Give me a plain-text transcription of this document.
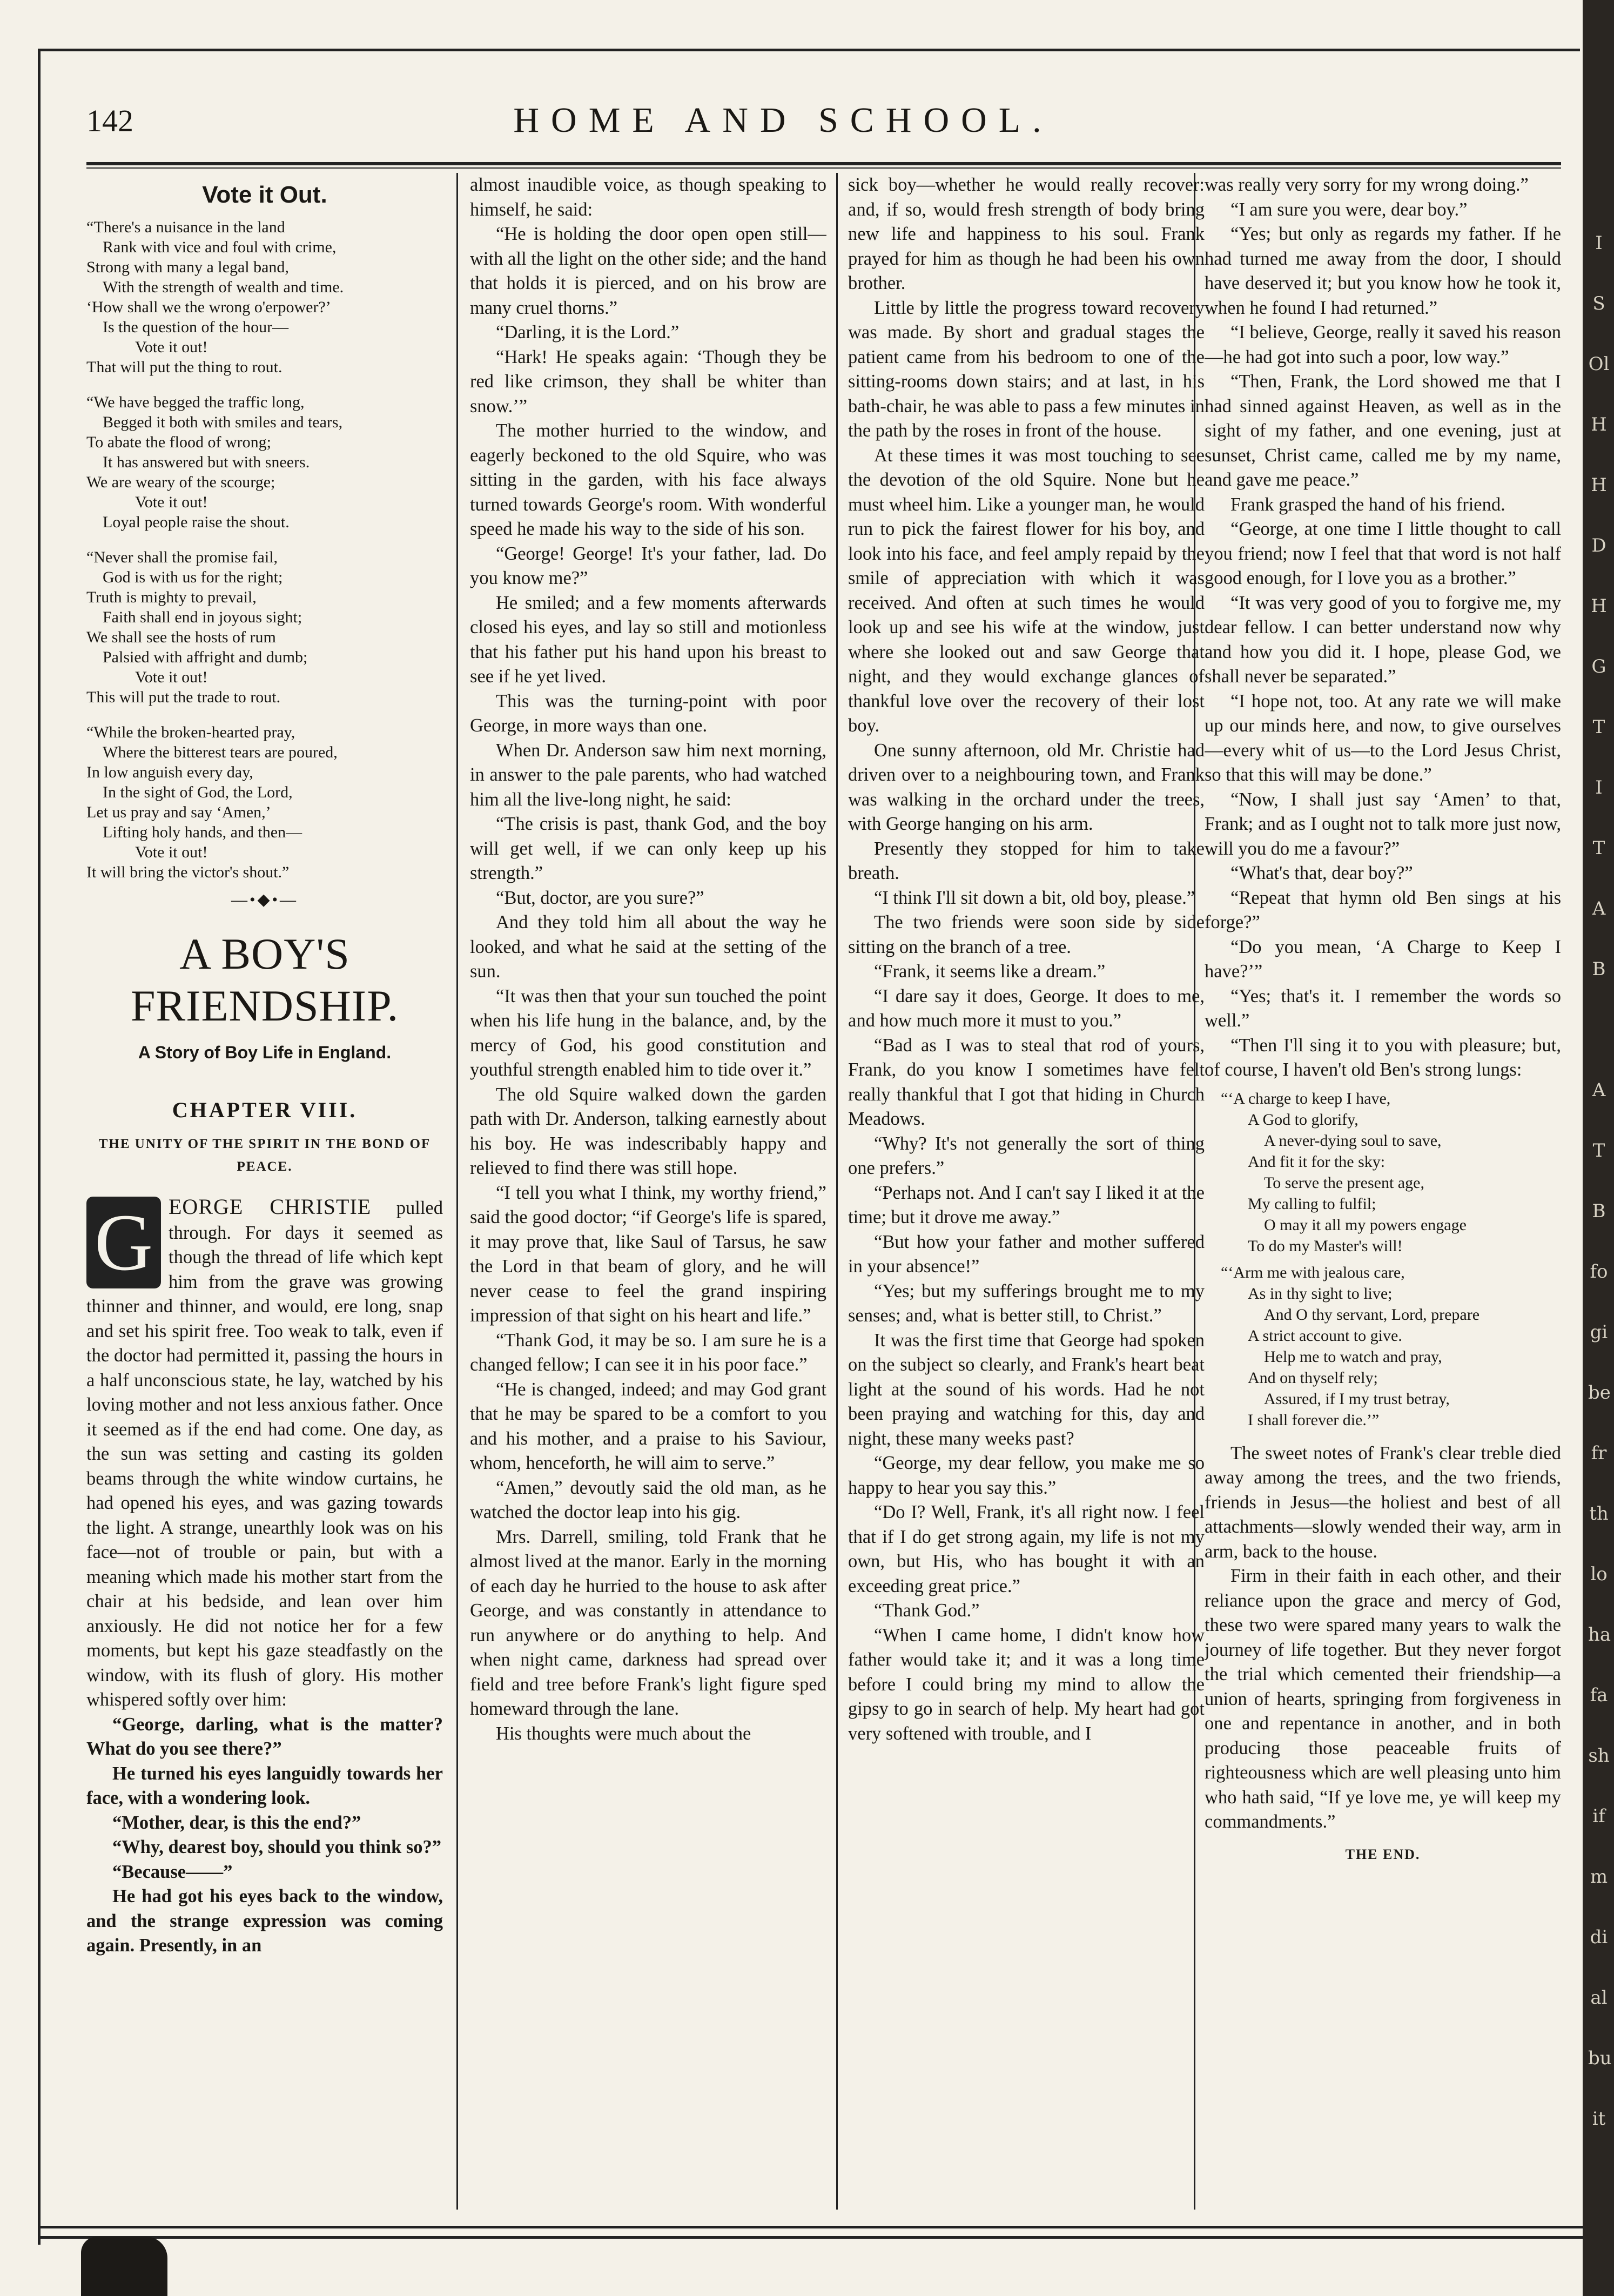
I
S
Ol
H
H
D
H
G
T
I
T
A
B
A
T
B
fo
gi
be
fr
th
lo
ha
fa
sh
if
m
di
al
bu
it
142	HOME AND SCHOOL.
Vote it Out.
“There's a nuisance in the land
Rank with vice and foul with crime,
Strong with many a legal band,
With the strength of wealth and time.
‘How shall we the wrong o'erpower?’
Is the question of the hour—
Vote it out!
That will put the thing to rout.
“We have begged the traffic long,
Begged it both with smiles and tears,
To abate the flood of wrong;
It has answered but with sneers.
We are weary of the scourge;
Vote it out!
Loyal people raise the shout.
“Never shall the promise fail,
God is with us for the right;
Truth is mighty to prevail,
Faith shall end in joyous sight;
We shall see the hosts of rum
Palsied with affright and dumb;
Vote it out!
This will put the trade to rout.
“While the broken-hearted pray,
Where the bitterest tears are poured,
In low anguish every day,
In the sight of God, the Lord,
Let us pray and say ‘Amen,’
Lifting holy hands, and then—
Vote it out!
It will bring the victor's shout.”
—•◆•—
A BOY'S FRIENDSHIP.
A Story of Boy Life in England.
CHAPTER VIII.
THE UNITY OF THE SPIRIT IN THE BOND OF PEACE.

G EORGE CHRISTIE pulled through. For days it seemed as though the thread of life which kept him from the grave was growing thinner and thinner, and would, ere long, snap and set his spirit free. Too weak to talk, even if the doctor had permitted it, passing the hours in a half unconscious state, he lay, watched by his loving mother and not less anxious father. Once it seemed as if the end had come. One day, as the sun was setting and casting its golden beams through the white window curtains, he had opened his eyes, and was gazing towards the light. A strange, unearthly look was on his face—not of trouble or pain, but with a meaning which made his mother start from the chair at his bedside, and lean over him anxiously. He did not notice her for a few moments, but kept his gaze steadfastly on the window, with its flush of glory. His mother whispered softly over him:

“George, darling, what is the matter? What do you see there?”

He turned his eyes languidly towards her face, with a wondering look.

“Mother, dear, is this the end?”

“Why, dearest boy, should you think so?”

“Because——”

He had got his eyes back to the window, and the strange expression was coming again. Presently, in an

almost inaudible voice, as though speaking to himself, he said:

“He is holding the door open open still—with all the light on the other side; and the hand that holds it is pierced, and on his brow are many cruel thorns.”

“Darling, it is the Lord.”

“Hark! He speaks again: ‘Though they be red like crimson, they shall be whiter than snow.’”

The mother hurried to the window, and eagerly beckoned to the old Squire, who was sitting in the garden, with his face always turned towards George's room. With wonderful speed he made his way to the side of his son.

“George! George! It's your father, lad. Do you know me?”

He smiled; and a few moments afterwards closed his eyes, and lay so still and motionless that his father put his hand upon his breast to see if he yet lived.

This was the turning-point with poor George, in more ways than one.

When Dr. Anderson saw him next morning, in answer to the pale parents, who had watched him all the live-long night, he said:

“The crisis is past, thank God, and the boy will get well, if we can only keep up his strength.”

“But, doctor, are you sure?”

And they told him all about the way he looked, and what he said at the setting of the sun.

“It was then that your sun touched the point when his life hung in the balance, and, by the mercy of God, his good constitution and youthful strength enabled him to tide over it.”

The old Squire walked down the garden path with Dr. Anderson, talking earnestly about his boy. He was indescribably happy and relieved to find there was still hope.

“I tell you what I think, my worthy friend,” said the good doctor; “if George's life is spared, it may prove that, like Saul of Tarsus, he saw the Lord in that beam of glory, and he will never cease to feel the grand inspiring impression of that sight on his heart and life.”

“Thank God, it may be so. I am sure he is a changed fellow; I can see it in his poor face.”

“He is changed, indeed; and may God grant that he may be spared to be a comfort to you and his mother, and a praise to his Saviour, whom, henceforth, he will aim to serve.”

“Amen,” devoutly said the old man, as he watched the doctor leap into his gig.

Mrs. Darrell, smiling, told Frank that he almost lived at the manor. Early in the morning of each day he hurried to the house to ask after George, and was constantly in attendance to run anywhere or do anything to help. And when night came, darkness had spread over field and tree before Frank's light figure sped homeward through the lane.

His thoughts were much about the

sick boy—whether he would really recover: and, if so, would fresh strength of body bring new life and happiness to his soul. Frank prayed for him as though he had been his own brother.

Little by little the progress toward recovery was made. By short and gradual stages the patient came from his bedroom to one of the sitting-rooms down stairs; and at last, in his bath-chair, he was able to pass a few minutes in the path by the roses in front of the house.

At these times it was most touching to see the devotion of the old Squire. None but he must wheel him. Like a younger man, he would run to pick the fairest flower for his boy, and look into his face, and feel amply repaid by the smile of appreciation with which it was received. And often at such times he would look up and see his wife at the window, just where she looked out and saw George that night, and they would exchange glances of thankful love over the recovery of their lost boy.

One sunny afternoon, old Mr. Christie had driven over to a neighbouring town, and Frank was walking in the orchard under the trees, with George hanging on his arm.

Presently they stopped for him to take breath.

“I think I'll sit down a bit, old boy, please.”

The two friends were soon side by side sitting on the branch of a tree.

“Frank, it seems like a dream.”

“I dare say it does, George. It does to me, and how much more it must to you.”

“Bad as I was to steal that rod of yours, Frank, do you know I sometimes have felt really thankful that I got that hiding in Church Meadows.

“Why? It's not generally the sort of thing one prefers.”

“Perhaps not. And I can't say I liked it at the time; but it drove me away.”

“But how your father and mother suffered in your absence!”

“Yes; but my sufferings brought me to my senses; and, what is better still, to Christ.”

It was the first time that George had spoken on the subject so clearly, and Frank's heart beat light at the sound of his words. Had he not been praying and watching for this, day and night, these many weeks past?

“George, my dear fellow, you make me so happy to hear you say this.”

“Do I? Well, Frank, it's all right now. I feel that if I do get strong again, my life is not my own, but His, who has bought it with an exceeding great price.”

“Thank God.”

“When I came home, I didn't know how father would take it; and it was a long time before I could bring my mind to allow the gipsy to go in search of help. My heart had got very softened with trouble, and I

was really very sorry for my wrong doing.”

“I am sure you were, dear boy.”

“Yes; but only as regards my father. If he had turned me away from the door, I should have deserved it; but you know how he took it, when he found I had returned.”

“I believe, George, really it saved his reason—he had got into such a poor, low way.”

“Then, Frank, the Lord showed me that I had sinned against Heaven, as well as in the sight of my father, and one evening, just at sunset, Christ came, called me by my name, and gave me peace.”

Frank grasped the hand of his friend.

“George, at one time I little thought to call you friend; now I feel that that word is not half good enough, for I love you as a brother.”

“It was very good of you to forgive me, my dear fellow. I can better understand now why and how you did it. I hope, please God, we shall never be separated.”

“I hope not, too. At any rate we will make up our minds here, and now, to give ourselves—every whit of us—to the Lord Jesus Christ, so that this will may be done.”

“Now, I shall just say ‘Amen’ to that, Frank; and as I ought not to talk more just now, will you do me a favour?”

“What's that, dear boy?”

“Repeat that hymn old Ben sings at his forge?”

“Do you mean, ‘A Charge to Keep I have?’”

“Yes; that's it. I remember the words so well.”

“Then I'll sing it to you with pleasure; but, of course, I haven't old Ben's strong lungs:

“‘A charge to keep I have,
A God to glorify,
A never-dying soul to save,
And fit it for the sky:
To serve the present age,
My calling to fulfil;
O may it all my powers engage
To do my Master's will!
“‘Arm me with jealous care,
As in thy sight to live;
And O thy servant, Lord, prepare
A strict account to give.
Help me to watch and pray,
And on thyself rely;
Assured, if I my trust betray,
I shall forever die.’”

The sweet notes of Frank's clear treble died away among the trees, and the two friends, friends in Jesus—the holiest and best of all attachments—slowly wended their way, arm in arm, back to the house.

Firm in their faith in each other, and their reliance upon the grace and mercy of God, these two were spared many years to walk the journey of life together. But they never forgot the trial which cemented their friendship—a union of hearts, springing from forgiveness in one and repentance in another, and in both producing those peaceable fruits of righteousness which are well pleasing unto him who hath said, “If ye love me, ye will keep my commandments.”

THE END.
